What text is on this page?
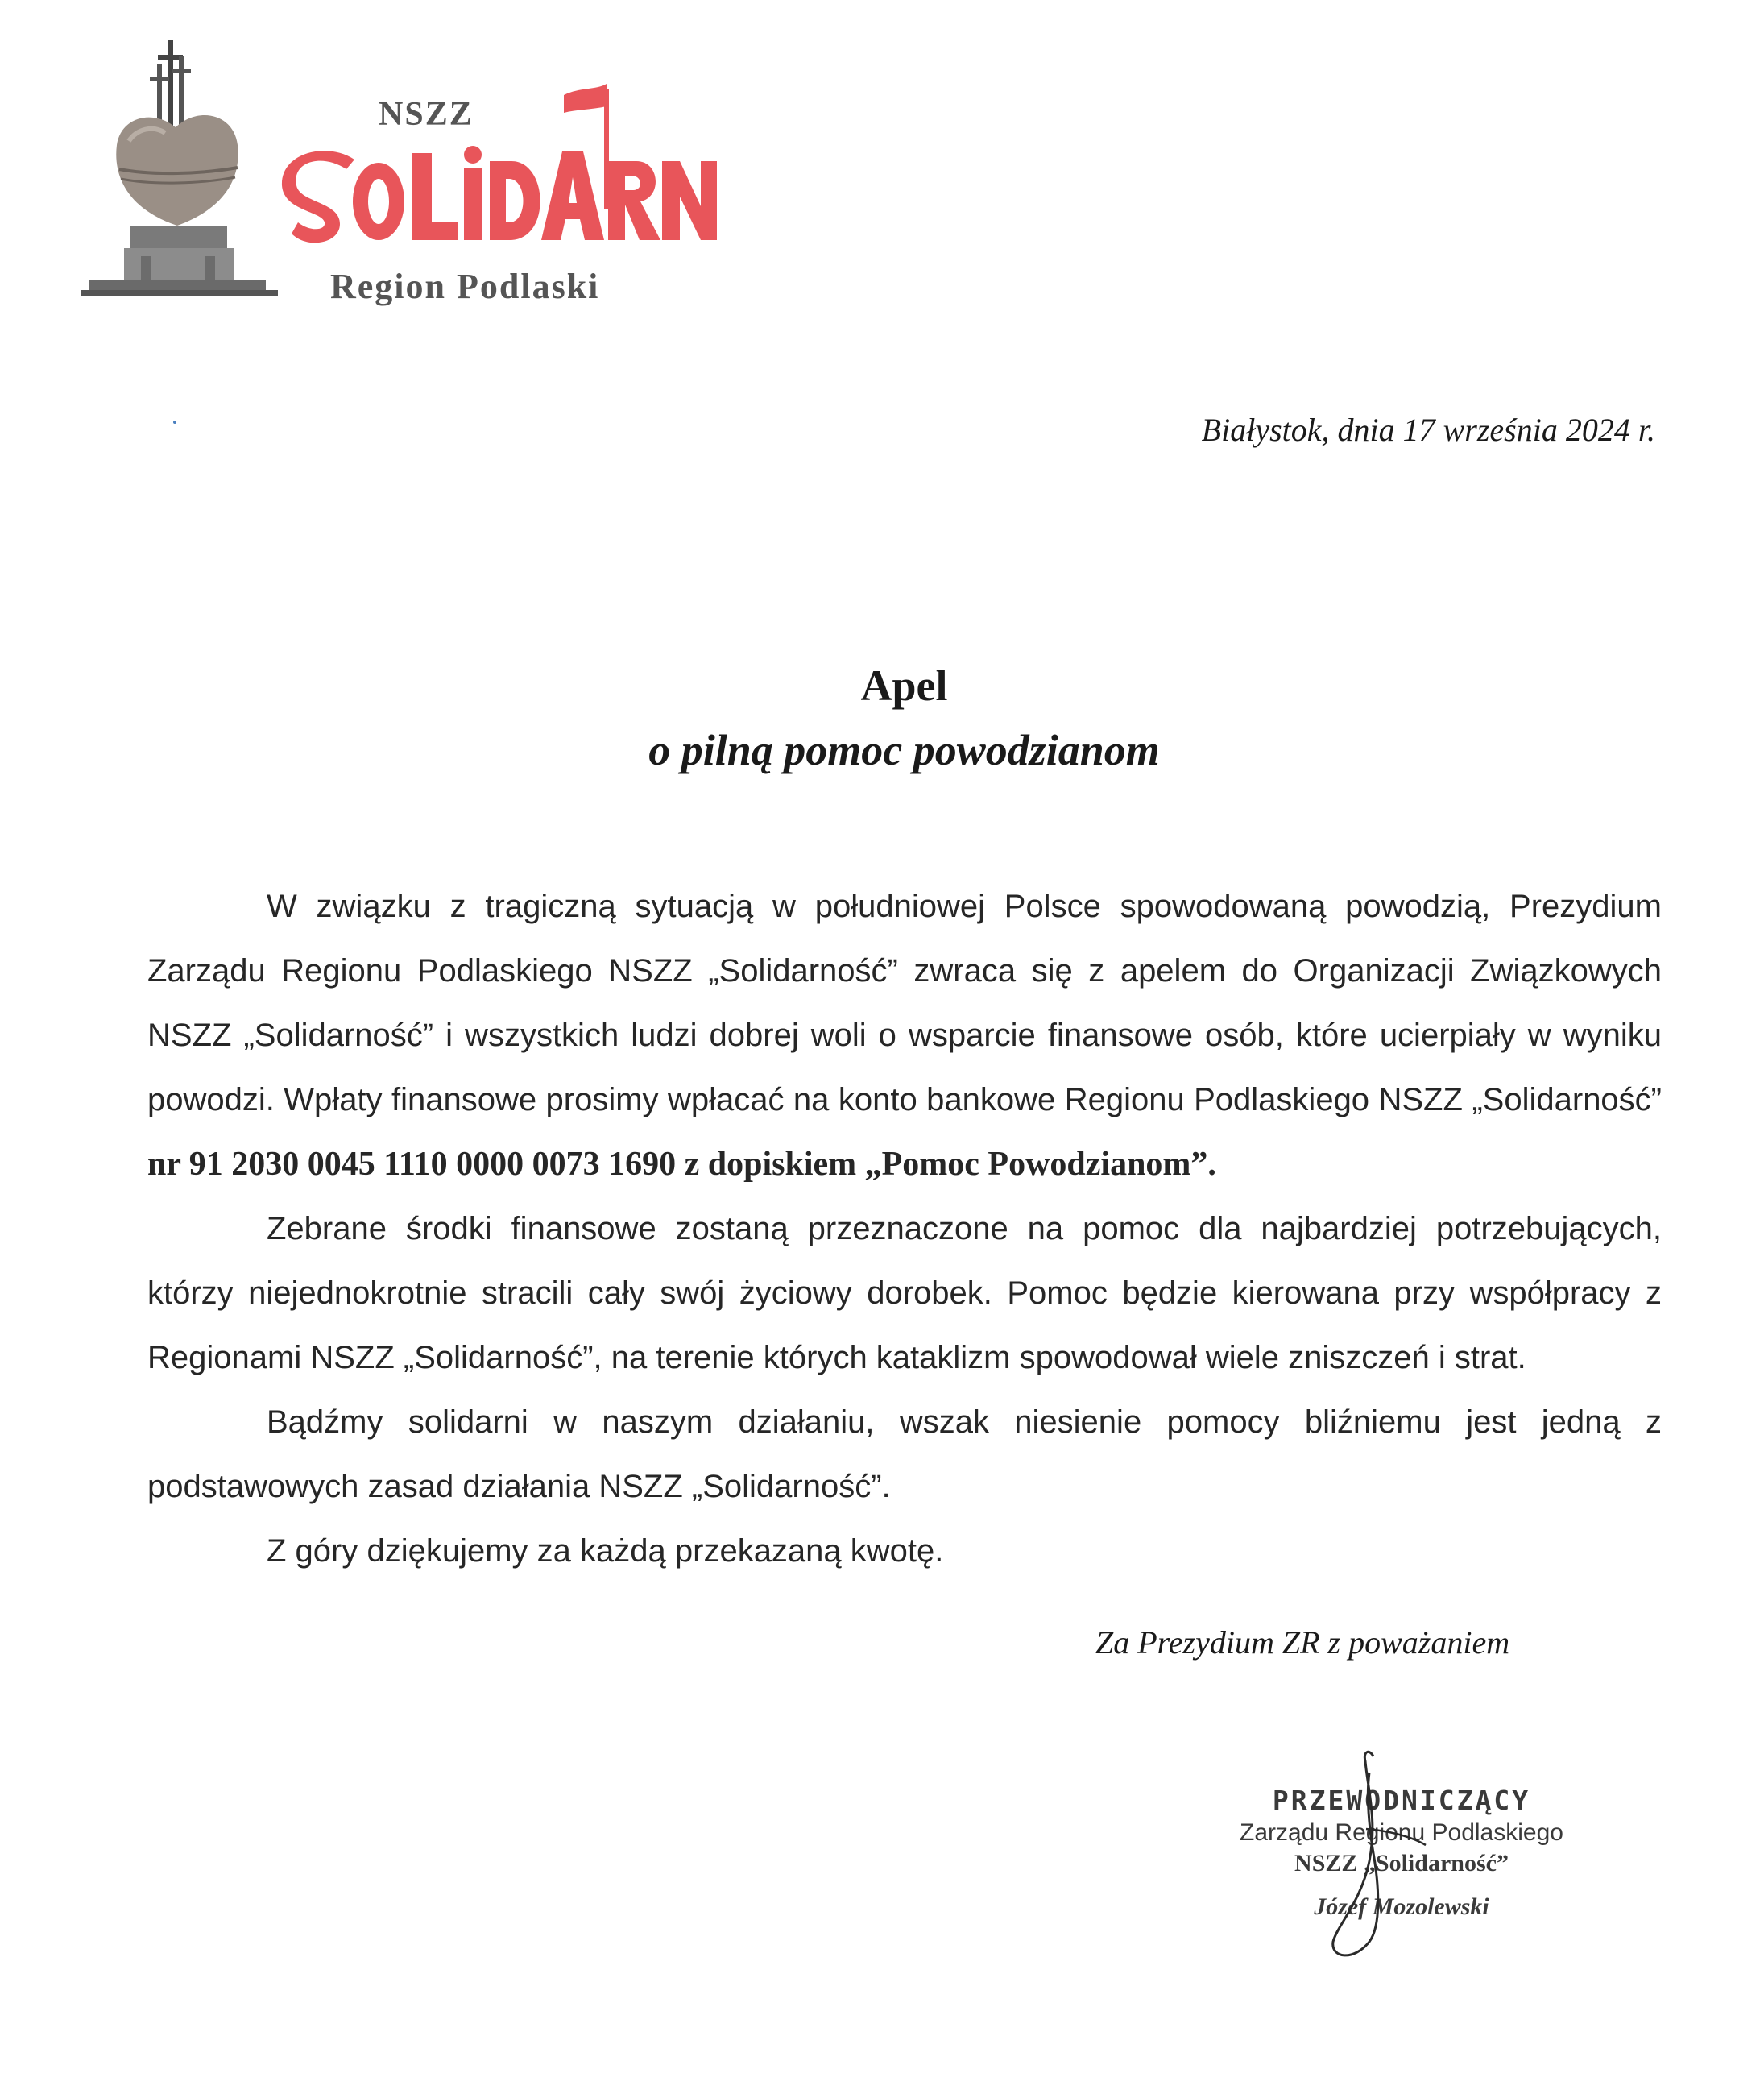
NSZZ
Region Podlaski
Białystok, dnia 17 września 2024 r.
Apel
o pilną pomoc powodzianom

W związku z tragiczną sytuacją w południowej Polsce spowodowaną powodzią, Prezydium Zarządu Regionu Podlaskiego NSZZ „Solidarność” zwraca się z apelem do Organizacji Związkowych NSZZ „Solidarność” i wszystkich ludzi dobrej woli o wsparcie finansowe osób, które ucierpiały w wyniku powodzi. Wpłaty finansowe prosimy wpłacać na konto bankowe Regionu Podlaskiego NSZZ „Solidarność” nr 91 2030 0045 1110 0000 0073 1690 z dopiskiem „Pomoc Powodzianom”.

Zebrane środki finansowe zostaną przeznaczone na pomoc dla najbardziej potrzebujących, którzy niejednokrotnie stracili cały swój życiowy dorobek. Pomoc będzie kierowana przy współpracy z Regionami NSZZ „Solidarność”, na terenie których kataklizm spowodował wiele zniszczeń i strat.

Bądźmy solidarni w naszym działaniu, wszak niesienie pomocy bliźniemu jest jedną z podstawowych zasad działania NSZZ „Solidarność”.

Z góry dziękujemy za każdą przekazaną kwotę.

Za Prezydium ZR z poważaniem
PRZEWODNICZĄCY
Zarządu Regionu Podlaskiego
NSZZ „Solidarność”
Józef Mozolewski
